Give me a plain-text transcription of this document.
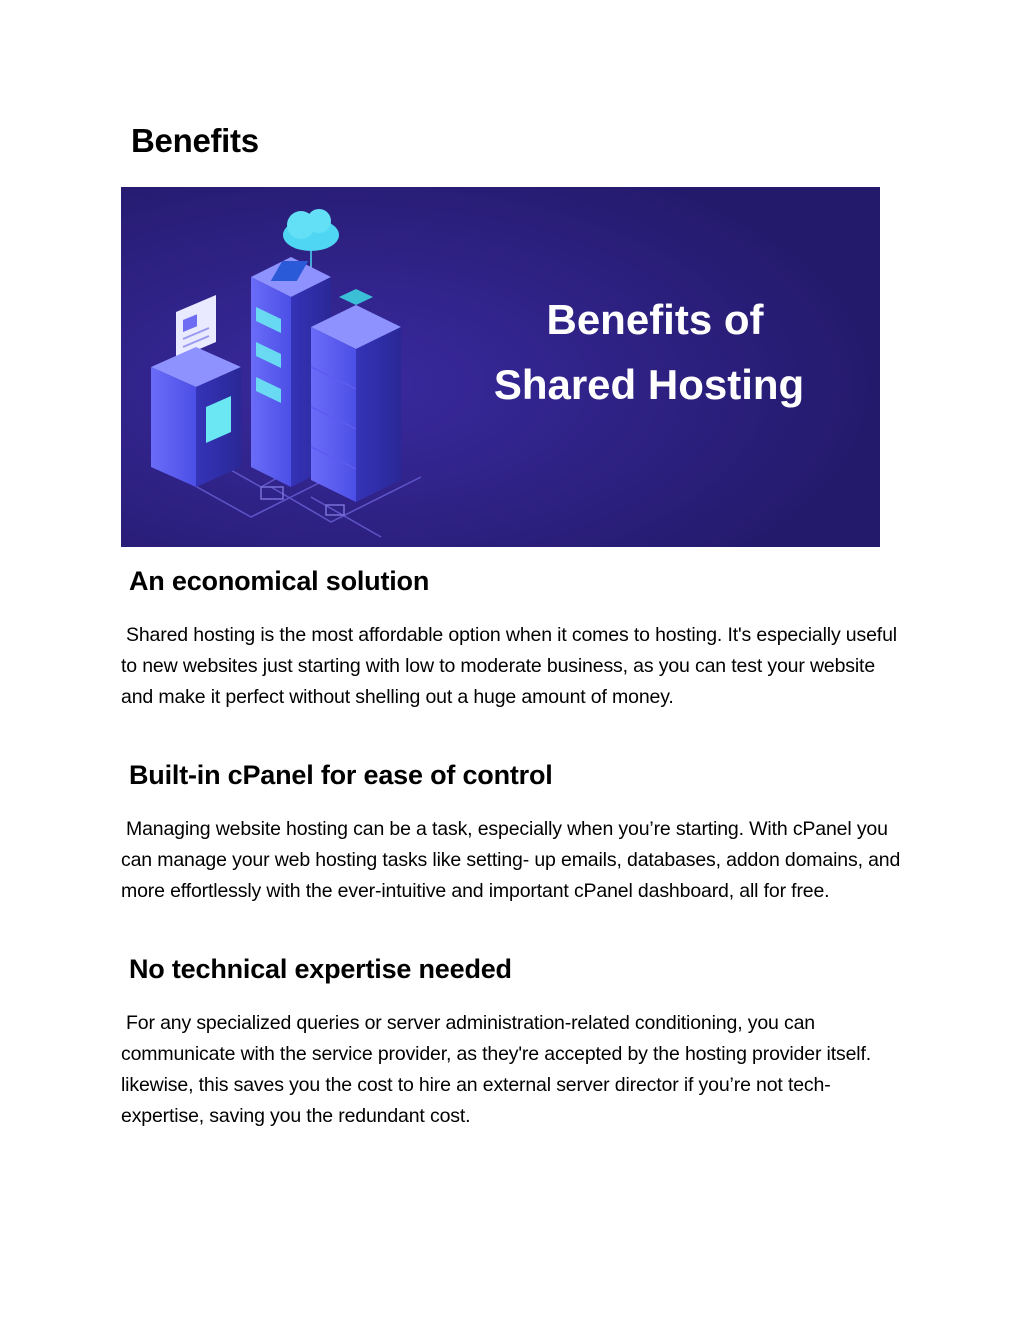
Benefits
Benefits of
Shared Hosting
An economical solution

Shared hosting is the most affordable option when it comes to hosting. It's especially useful to new websites just starting with low to moderate business, as you can test your website and make it perfect without shelling out a huge amount of money.

Built-in cPanel for ease of control

Managing website hosting can be a task, especially when you’re starting. With cPanel you can manage your web hosting tasks like setting- up emails, databases, addon domains, and more effortlessly with the ever-intuitive and important cPanel dashboard, all for free.

No technical expertise needed

For any specialized queries or server administration-related conditioning, you can communicate with the service provider, as they're accepted by the hosting provider itself. likewise, this saves you the cost to hire an external server director if you’re not tech- expertise, saving you the redundant cost.
